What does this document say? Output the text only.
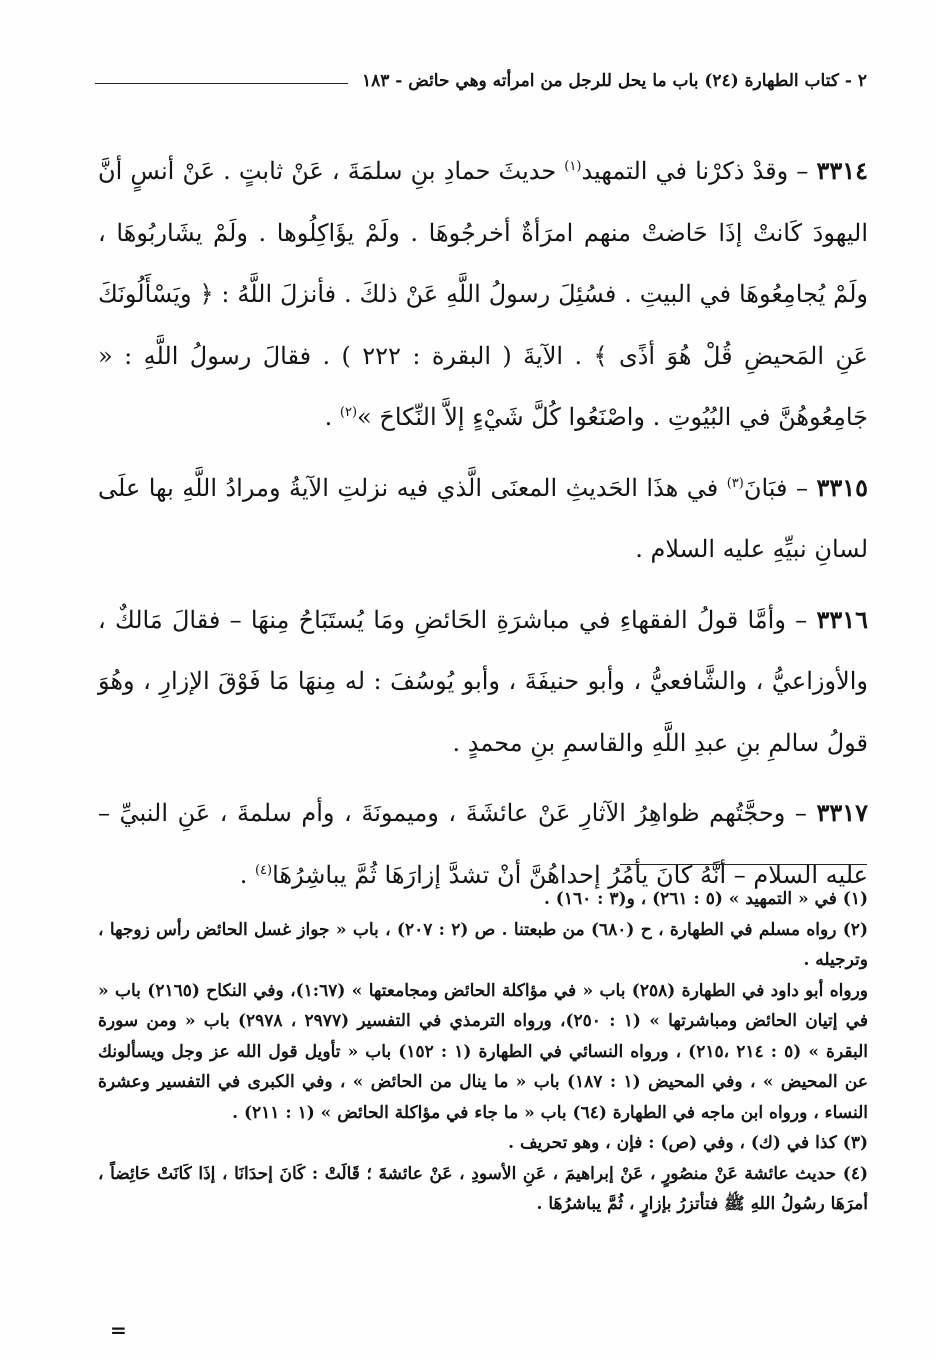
٢ - كتاب الطهارة (٢٤) باب ما يحل للرجل من امرأته وهي حائض - ١٨٣

٣٣١٤ – وقدْ ذكرْنا في التمهيد$^{(١)}$ حديثَ حمادِ بنِ سلمَةَ ، عَنْ ثابتٍ . عَنْ أنسٍ أنَّ اليهودَ كَانتْ إذَا حَاضتْ منهم امرَأةٌ أخرجُوهَا . ولَمْ يؤَاكِلُوها . ولَمْ يشَاربُوهَا ، ولَمْ يُجامِعُوهَا في البيتِ . فسُئِلَ رسولُ اللَّهِ عَنْ ذلكَ . فأنزلَ اللَّهُ : ﴿ ويَسْأَلُونَكَ عَنِ المَحيضِ قُلْ هُوَ أذًى ﴾ . الآيةَ ( البقرة : ٢٢٢ ) . فقالَ رسولُ اللَّهِ : « جَامِعُوهُنَّ في البُيُوتِ . واصْنَعُوا كُلَّ شَيْءٍ إلاَّ النِّكاحَ »$^{(٢)}$ .

٣٣١٥ – فبَانَ$^{(٣)}$ في هذَا الحَديثِ المعنَى الَّذي فيه نزلتِ الآيةُ ومرادُ اللَّهِ بها علَى لسانِ نبيِّهِ عليه السلام .

٣٣١٦ – وأمَّا قولُ الفقهاءِ في مباشرَةِ الحَائضِ ومَا يُستَبَاحُ مِنهَا – فقالَ مَالكٌ ، والأوزاعيُّ ، والشَّافعيُّ ، وأبو حنيفَةَ ، وأبو يُوسُفَ : له مِنهَا مَا فَوْقَ الإزارِ ، وهُوَ قولُ سالمِ بنِ عبدِ اللَّهِ والقاسمِ بنِ محمدٍ .

٣٣١٧ – وحجَّتُهم ظواهِرُ الآثارِ عَنْ عائشَةَ ، وميمونَةَ ، وأم سلمةَ ، عَنِ النبيِّ – عليه السلام – أنَّهُ كانَ يأمُرُ إحداهُنَّ أنْ تشدَّ إزارَهَا ثُمَّ يباشِرُهَا$^{(٤)}$ .

(١) في « التمهيد » (٥ : ٢٦١) ، و(٣ : ١٦٠) .

(٢) رواه مسلم في الطهارة ، ح (٦٨٠) من طبعتنا . ص (٢ : ٢٠٧) ، باب « جواز غسل الحائض رأس زوجها ، وترجيله .

ورواه أبو داود في الطهارة (٢٥٨) باب « في مؤاكلة الحائض ومجامعتها » (١:٦٧)، وفي النكاح (٢١٦٥) باب « في إتيان الحائض ومباشرتها » (١ : ٢٥٠)، ورواه الترمذي في التفسير (٢٩٧٧ ، ٢٩٧٨) باب « ومن سورة البقرة » (٥ : ٢١٤ ،٢١٥) ، ورواه النسائي في الطهارة (١ : ١٥٢) باب « تأويل قول الله عز وجل ويسألونك عن المحيض » ، وفي المحيض (١ : ١٨٧) باب « ما ينال من الحائض » ، وفي الكبرى في التفسير وعشرة النساء ، ورواه ابن ماجه في الطهارة (٦٤) باب « ما جاء في مؤاكلة الحائض » (١ : ٢١١) .

(٣) كذا في (ك) ، وفي (ص) : فإن ، وهو تحريف .

(٤) حديث عائشة عَنْ منصُورٍ ، عَنْ إبراهيمَ ، عَنِ الأسودِ ، عَنْ عائشةَ ؛ قَالَتْ : كَانَ إحدَانَا ، إذَا كَانَتْ حَائِضاً ، أمرَهَا رسُولُ اللهِ ﷺ فتأتزرُ بإزارٍ ، ثُمَّ يباشرُهَا .

=
